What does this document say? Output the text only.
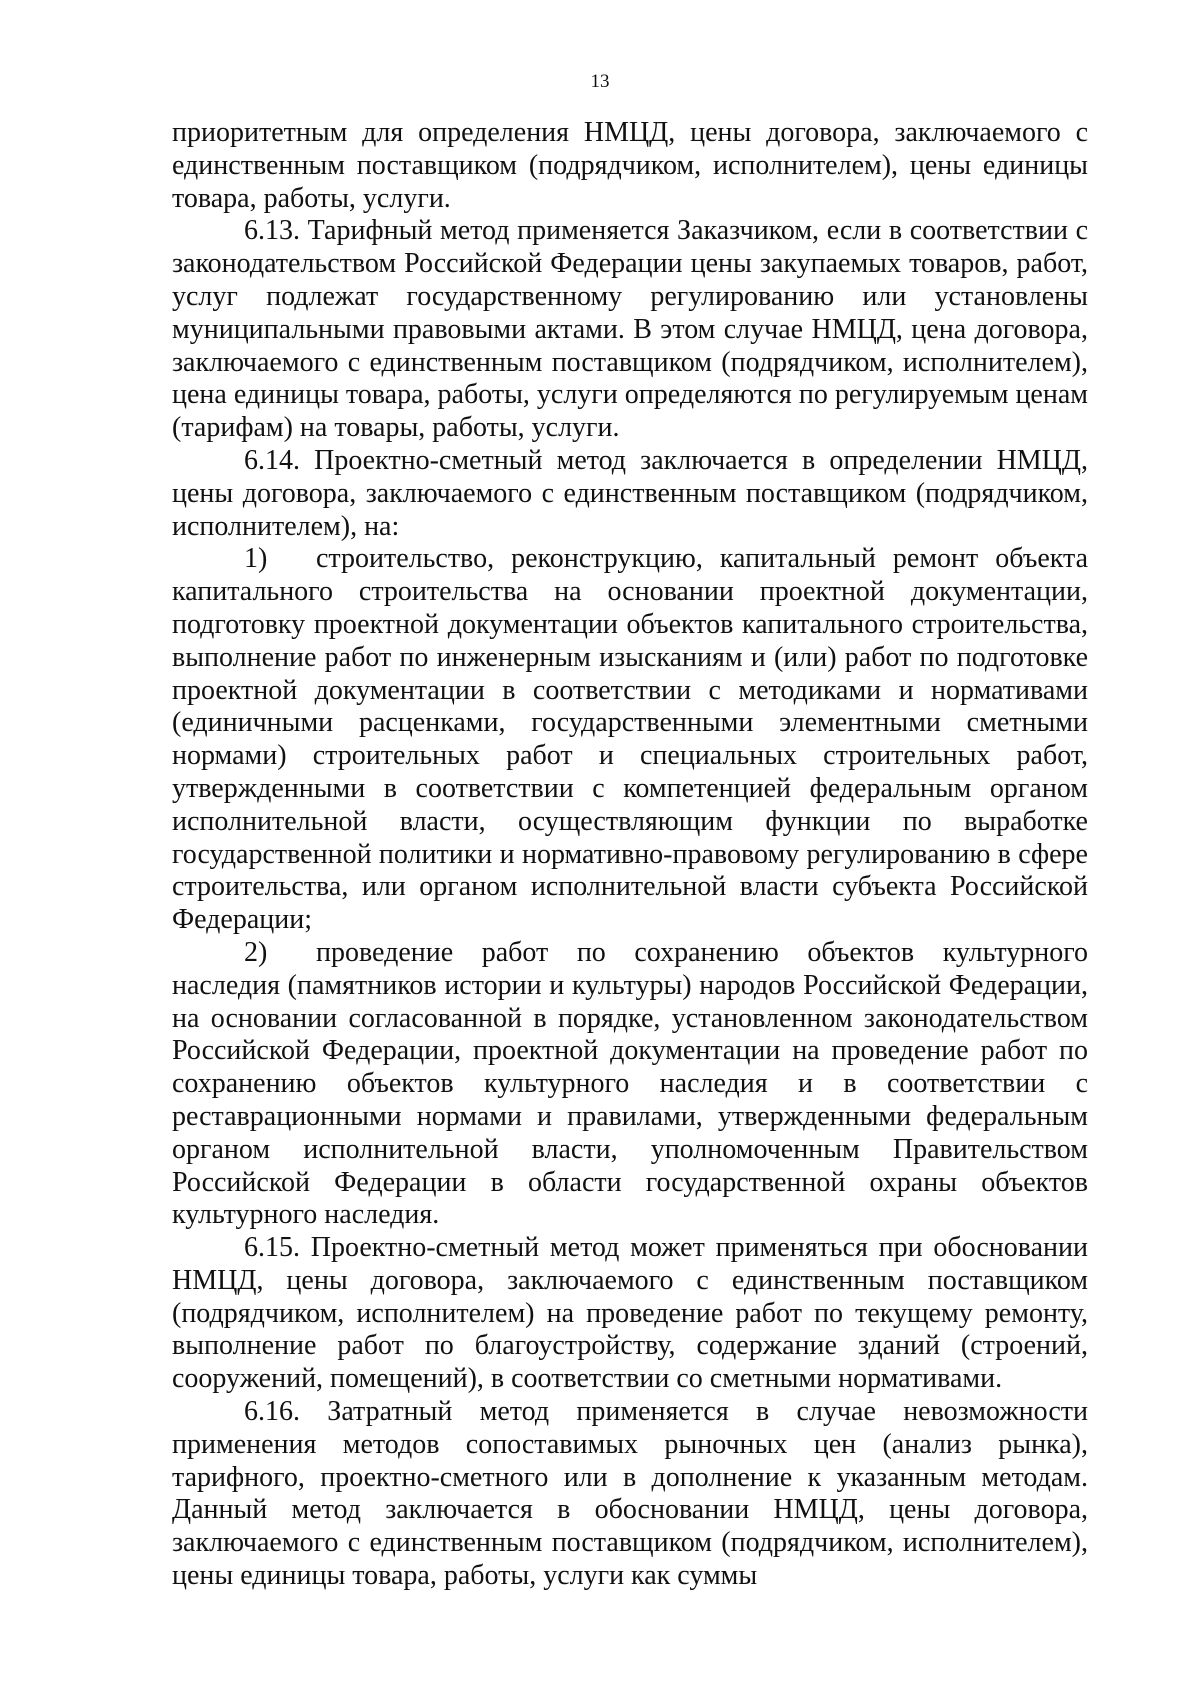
13

приоритетным для определения НМЦД, цены договора, заключаемого с единственным поставщиком (подрядчиком, исполнителем), цены единицы товара, работы, услуги.

6.13. Тарифный метод применяется Заказчиком, если в соответствии с законодательством Российской Федерации цены закупаемых товаров, работ, услуг подлежат государственному регулированию или установлены муниципальными правовыми актами. В этом случае НМЦД, цена договора, заключаемого с единственным поставщиком (подрядчиком, исполнителем), цена единицы товара, работы, услуги определяются по регулируемым ценам (тарифам) на товары, работы, услуги.

6.14. Проектно-сметный метод заключается в определении НМЦД, цены договора, заключаемого с единственным поставщиком (подрядчиком, исполнителем), на:

1) строительство, реконструкцию, капитальный ремонт объекта капитального строительства на основании проектной документации, подготовку проектной документации объектов капитального строительства, выполнение работ по инженерным изысканиям и (или) работ по подготовке проектной документации в соответствии с методиками и нормативами (единичными расценками, государственными элементными сметными нормами) строительных работ и специальных строительных работ, утвержденными в соответствии с компетенцией федеральным органом исполнительной власти, осуществляющим функции по выработке государственной политики и нормативно-правовому регулированию в сфере строительства, или органом исполнительной власти субъекта Российской Федерации;

2) проведение работ по сохранению объектов культурного наследия (памятников истории и культуры) народов Российской Федерации, на основании согласованной в порядке, установленном законодательством Российской Федерации, проектной документации на проведение работ по сохранению объектов культурного наследия и в соответствии с реставрационными нормами и правилами, утвержденными федеральным органом исполнительной власти, уполномоченным Правительством Российской Федерации в области государственной охраны объектов культурного наследия.

6.15. Проектно-сметный метод может применяться при обосновании НМЦД, цены договора, заключаемого с единственным поставщиком (подрядчиком, исполнителем) на проведение работ по текущему ремонту, выполнение работ по благоустройству, содержание зданий (строений, сооружений, помещений), в соответствии со сметными нормативами.

6.16. Затратный метод применяется в случае невозможности применения методов сопоставимых рыночных цен (анализ рынка), тарифного, проектно-сметного или в дополнение к указанным методам. Данный метод заключается в обосновании НМЦД, цены договора, заключаемого с единственным поставщиком (подрядчиком, исполнителем), цены единицы товара, работы, услуги как суммы
